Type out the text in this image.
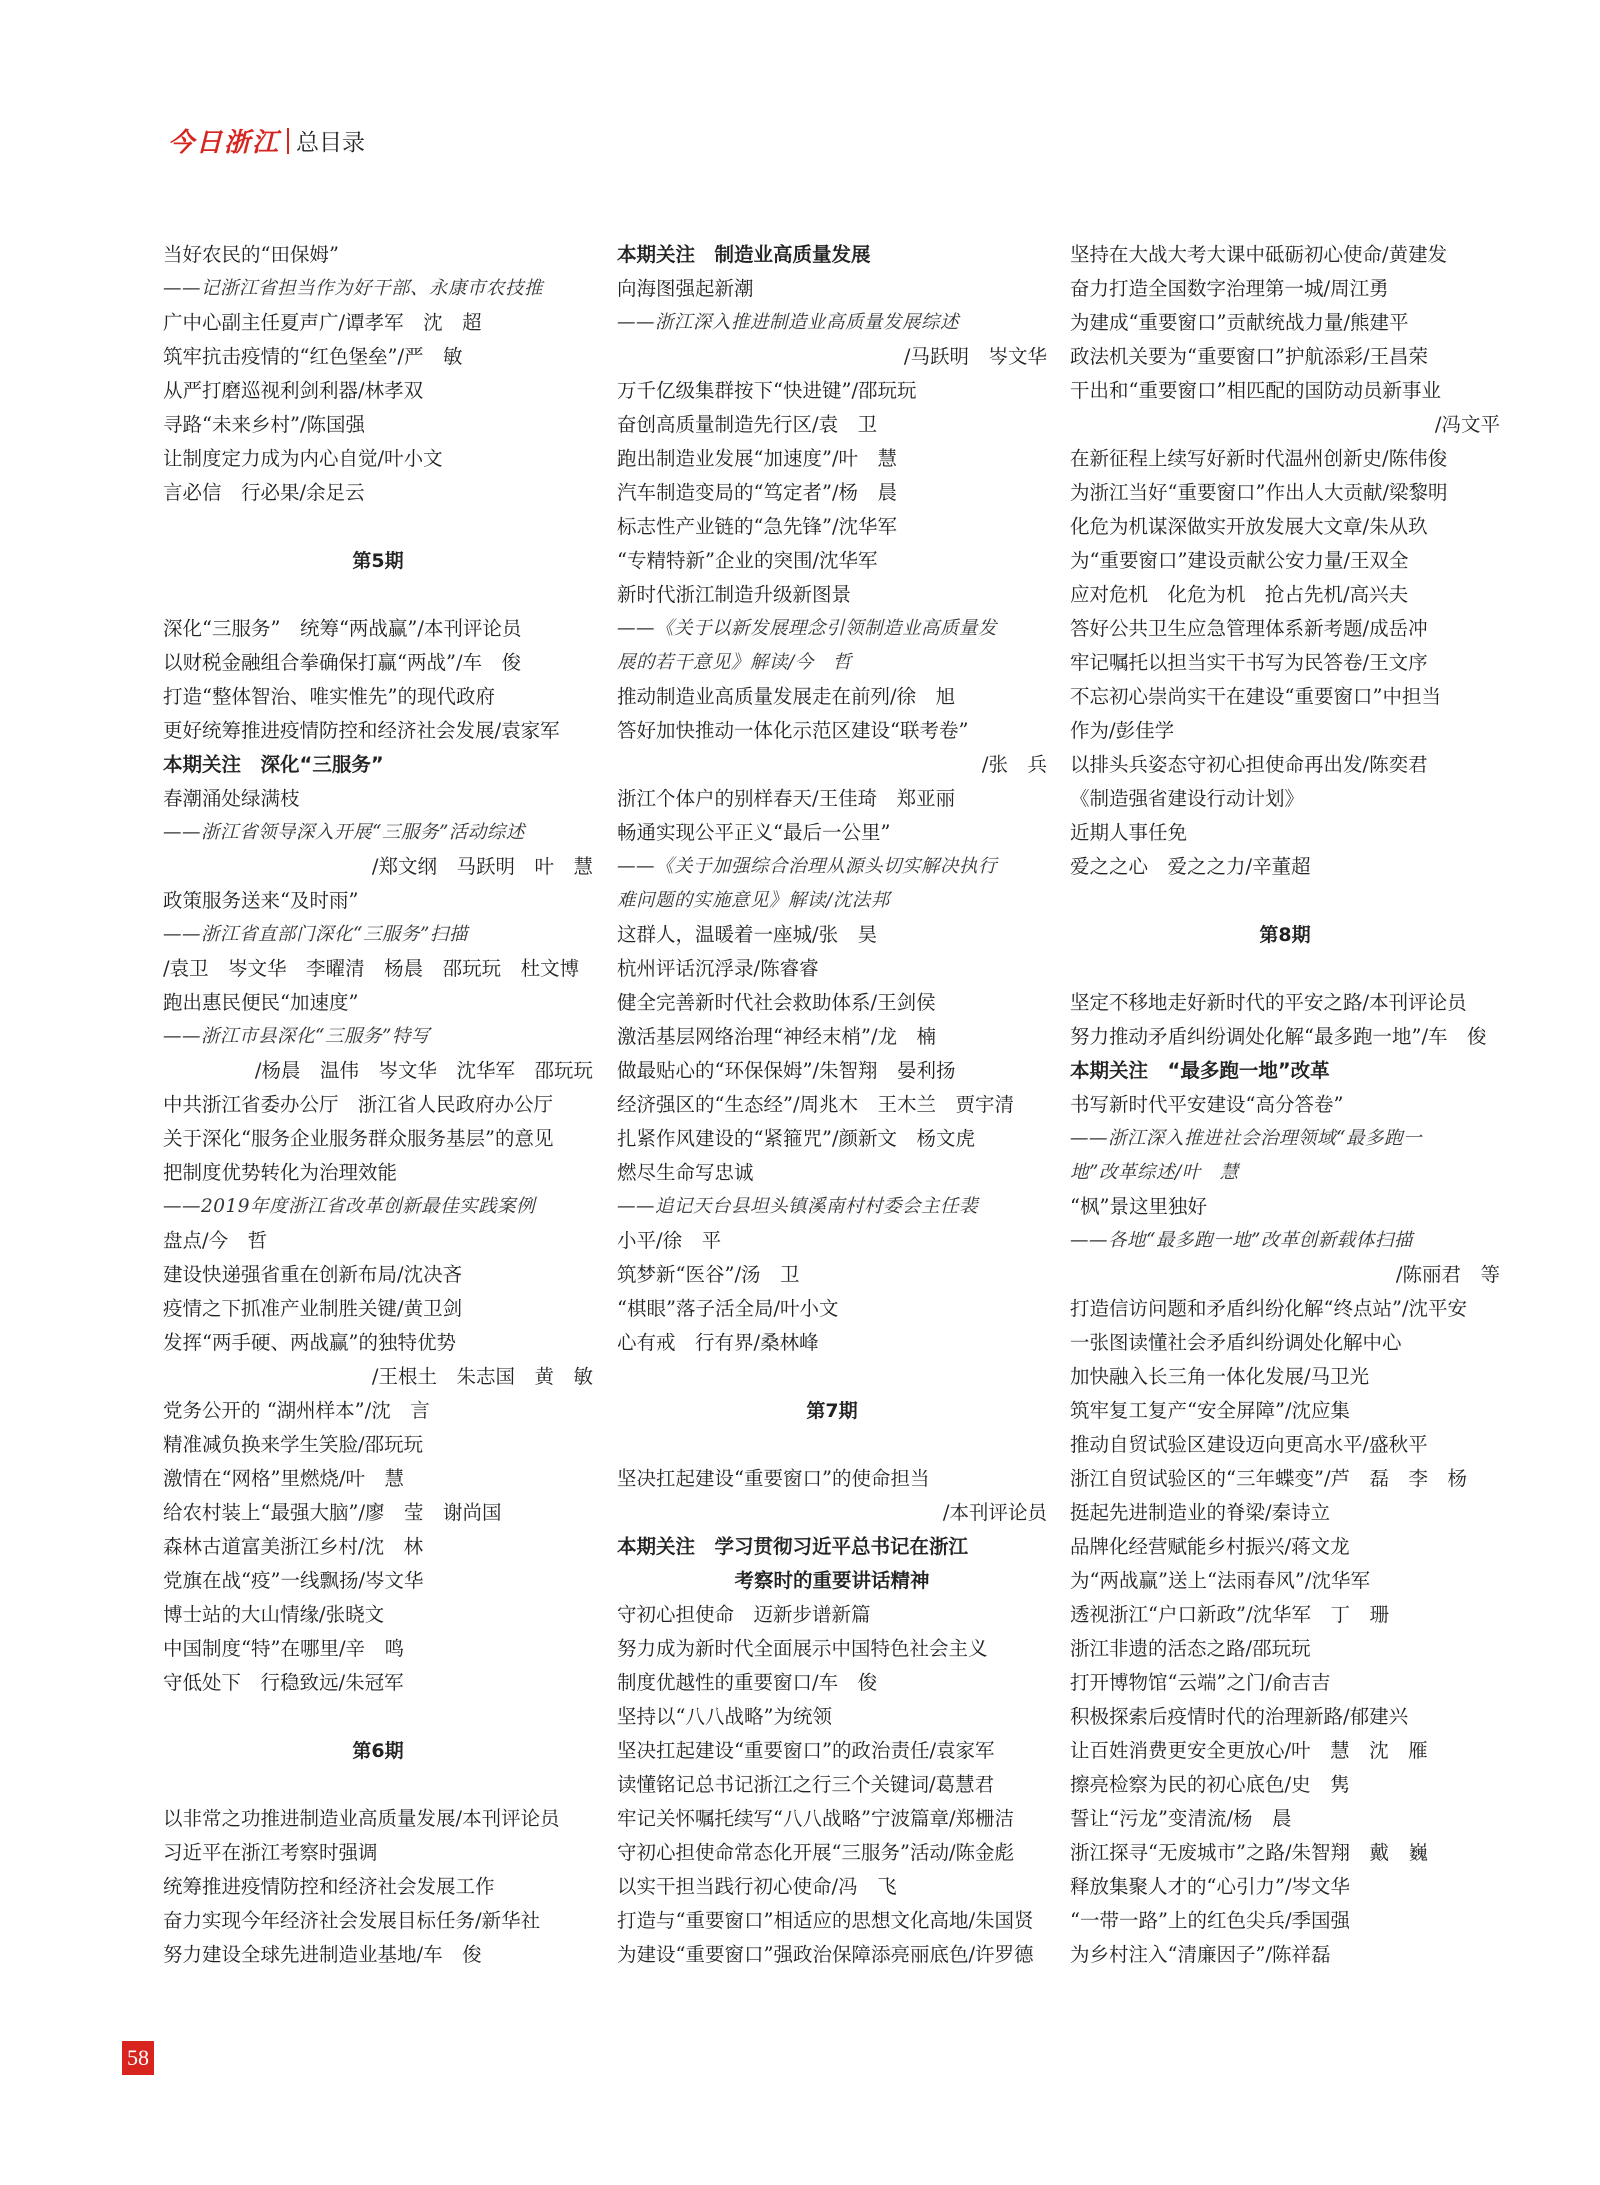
今日浙江 总目录
当好农民的“田保姆”
——记浙江省担当作为好干部、永康市农技推
广中心副主任夏声广/谭孝军　沈　超
筑牢抗击疫情的“红色堡垒”/严　敏
从严打磨巡视利剑利器/林孝双
寻路“未来乡村”/陈国强
让制度定力成为内心自觉/叶小文
言必信　行必果/余足云
第5期
深化“三服务”　统筹“两战赢”/本刊评论员
以财税金融组合拳确保打赢“两战”/车　俊
打造“整体智治、唯实惟先”的现代政府
更好统筹推进疫情防控和经济社会发展/袁家军
本期关注　深化“三服务”
春潮涌处绿满枝
——浙江省领导深入开展“三服务”活动综述
/郑文纲　马跃明　叶　慧
政策服务送来“及时雨”
——浙江省直部门深化“三服务”扫描
/袁卫　岑文华　李曜清　杨晨　邵玩玩　杜文博
跑出惠民便民“加速度”
——浙江市县深化“三服务”特写
/杨晨　温伟　岑文华　沈华军　邵玩玩
中共浙江省委办公厅　浙江省人民政府办公厅
关于深化“服务企业服务群众服务基层”的意见
把制度优势转化为治理效能
——2019年度浙江省改革创新最佳实践案例
盘点/今　哲
建设快递强省重在创新布局/沈决吝
疫情之下抓准产业制胜关键/黄卫剑
发挥“两手硬、两战赢”的独特优势
/王根土　朱志国　黄　敏
党务公开的 “湖州样本”/沈　言
精准减负换来学生笑脸/邵玩玩
激情在“网格”里燃烧/叶　慧
给农村装上“最强大脑”/廖　莹　谢尚国
森林古道富美浙江乡村/沈　林
党旗在战“疫”一线飘扬/岑文华
博士站的大山情缘/张晓文
中国制度“特”在哪里/辛　鸣
守低处下　行稳致远/朱冠军
第6期
以非常之功推进制造业高质量发展/本刊评论员
习近平在浙江考察时强调
统筹推进疫情防控和经济社会发展工作
奋力实现今年经济社会发展目标任务/新华社
努力建设全球先进制造业基地/车　俊
本期关注　制造业高质量发展
向海图强起新潮
——浙江深入推进制造业高质量发展综述
/马跃明　岑文华
万千亿级集群按下“快进键”/邵玩玩
奋创高质量制造先行区/袁　卫
跑出制造业发展“加速度”/叶　慧
汽车制造变局的“笃定者”/杨　晨
标志性产业链的“急先锋”/沈华军
“专精特新”企业的突围/沈华军
新时代浙江制造升级新图景
——《关于以新发展理念引领制造业高质量发
展的若干意见》解读/今　哲
推动制造业高质量发展走在前列/徐　旭
答好加快推动一体化示范区建设“联考卷”
/张　兵
浙江个体户的别样春天/王佳琦　郑亚丽
畅通实现公平正义“最后一公里”
——《关于加强综合治理从源头切实解决执行
难问题的实施意见》解读/沈法邦
这群人，温暖着一座城/张　昊
杭州评话沉浮录/陈睿睿
健全完善新时代社会救助体系/王剑侯
激活基层网络治理“神经末梢”/龙　楠
做最贴心的“环保保姆”/朱智翔　晏利扬
经济强区的“生态经”/周兆木　王木兰　贾宇清
扎紧作风建设的“紧箍咒”/颜新文　杨文虎
燃尽生命写忠诚
——追记天台县坦头镇溪南村村委会主任裴
小平/徐　平
筑梦新“医谷”/汤　卫
“棋眼”落子活全局/叶小文
心有戒　行有界/桑林峰
第7期
坚决扛起建设“重要窗口”的使命担当
/本刊评论员
本期关注　学习贯彻习近平总书记在浙江
考察时的重要讲话精神
守初心担使命　迈新步谱新篇
努力成为新时代全面展示中国特色社会主义
制度优越性的重要窗口/车　俊
坚持以“八八战略”为统领
坚决扛起建设“重要窗口”的政治责任/袁家军
读懂铭记总书记浙江之行三个关键词/葛慧君
牢记关怀嘱托续写“八八战略”宁波篇章/郑栅洁
守初心担使命常态化开展“三服务”活动/陈金彪
以实干担当践行初心使命/冯　飞
打造与“重要窗口”相适应的思想文化高地/朱国贤
为建设“重要窗口”强政治保障添亮丽底色/许罗德
坚持在大战大考大课中砥砺初心使命/黄建发
奋力打造全国数字治理第一城/周江勇
为建成“重要窗口”贡献统战力量/熊建平
政法机关要为“重要窗口”护航添彩/王昌荣
干出和“重要窗口”相匹配的国防动员新事业
/冯文平
在新征程上续写好新时代温州创新史/陈伟俊
为浙江当好“重要窗口”作出人大贡献/梁黎明
化危为机谋深做实开放发展大文章/朱从玖
为“重要窗口”建设贡献公安力量/王双全
应对危机　化危为机　抢占先机/高兴夫
答好公共卫生应急管理体系新考题/成岳冲
牢记嘱托以担当实干书写为民答卷/王文序
不忘初心崇尚实干在建设“重要窗口”中担当
作为/彭佳学
以排头兵姿态守初心担使命再出发/陈奕君
《制造强省建设行动计划》
近期人事任免
爱之之心　爱之之力/辛董超
第8期
坚定不移地走好新时代的平安之路/本刊评论员
努力推动矛盾纠纷调处化解“最多跑一地”/车　俊
本期关注　“最多跑一地”改革
书写新时代平安建设“高分答卷”
——浙江深入推进社会治理领域“最多跑一
地”改革综述/叶　慧
“枫”景这里独好
——各地“最多跑一地”改革创新载体扫描
/陈丽君　等
打造信访问题和矛盾纠纷化解“终点站”/沈平安
一张图读懂社会矛盾纠纷调处化解中心
加快融入长三角一体化发展/马卫光
筑牢复工复产“安全屏障”/沈应集
推动自贸试验区建设迈向更高水平/盛秋平
浙江自贸试验区的“三年蝶变”/芦　磊　李　杨
挺起先进制造业的脊梁/秦诗立
品牌化经营赋能乡村振兴/蒋文龙
为“两战赢”送上“法雨春风”/沈华军
透视浙江“户口新政”/沈华军　丁　珊
浙江非遗的活态之路/邵玩玩
打开博物馆“云端”之门/俞吉吉
积极探索后疫情时代的治理新路/郁建兴
让百姓消费更安全更放心/叶　慧　沈　雁
擦亮检察为民的初心底色/史　隽
誓让“污龙”变清流/杨　晨
浙江探寻“无废城市”之路/朱智翔　戴　巍
释放集聚人才的“心引力”/岑文华
“一带一路”上的红色尖兵/季国强
为乡村注入“清廉因子”/陈祥磊
58
